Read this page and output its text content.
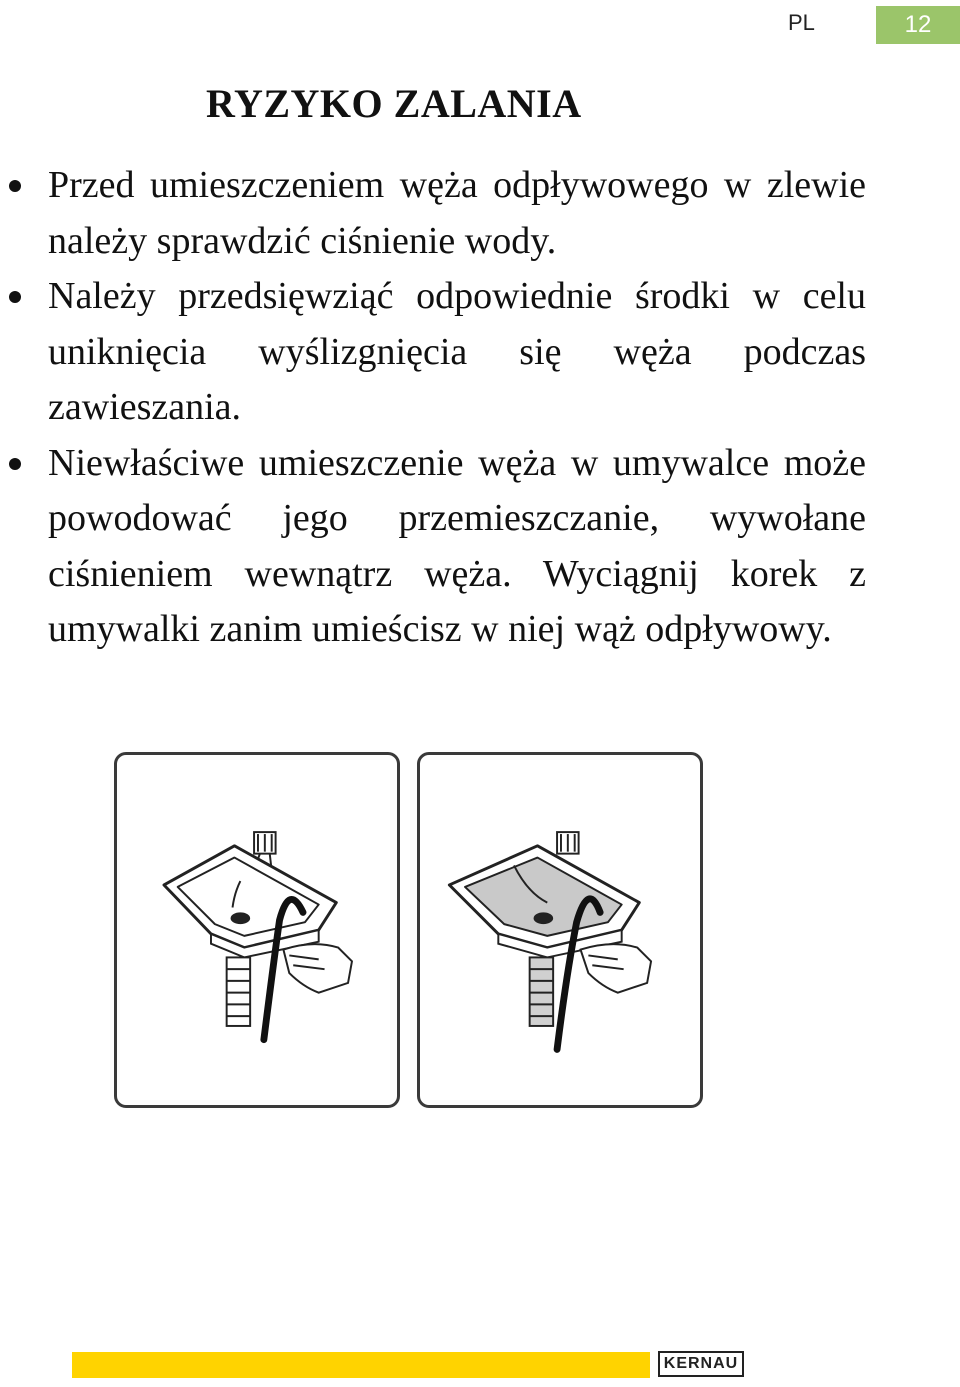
PL	12
RYZYKO ZALANIA
Przed umieszczeniem węża odpływowego w zlewie należy sprawdzić ciśnienie wody.
Należy przedsięwziąć odpowiednie środki w celu uniknięcia wyślizgnięcia się węża podczas zawieszania.
Niewłaściwe umieszczenie węża w umywalce może powodować jego przemieszczanie, wywołane ciśnieniem wewnątrz węża. Wyciągnij korek z umywalki zanim umieścisz w niej wąż odpływowy.
KERNAU
